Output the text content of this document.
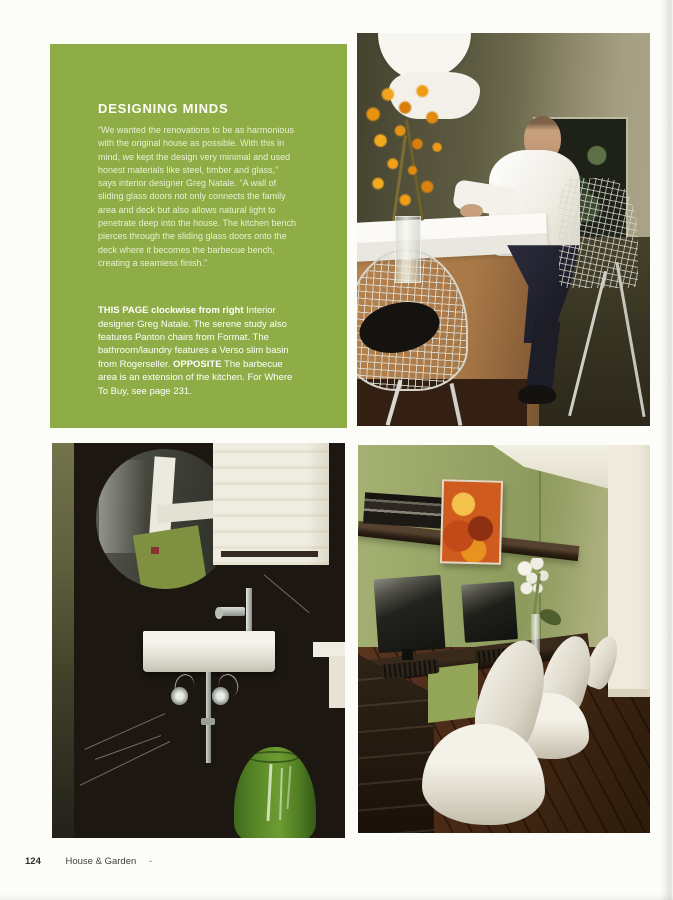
DESIGNING MINDS

“We wanted the renovations to be as harmonious with the original house as possible. With this in mind, we kept the design very minimal and used honest materials like steel, timber and glass,” says interior designer Greg Natale. “A wall of sliding glass doors not only connects the family area and deck but also allows natural light to penetrate deep into the house. The kitchen bench pierces through the sliding glass doors onto the deck where it becomes the barbecue bench, creating a seamless finish.”

THIS PAGE clockwise from right Interior designer Greg Natale. The serene study also features Panton chairs from Format. The bathroom/laundry features a Verso slim basin from Rogerseller. OPPOSITE The barbecue area is an extension of the kitchen. For Where To Buy, see page 231.

124	House & Garden -
